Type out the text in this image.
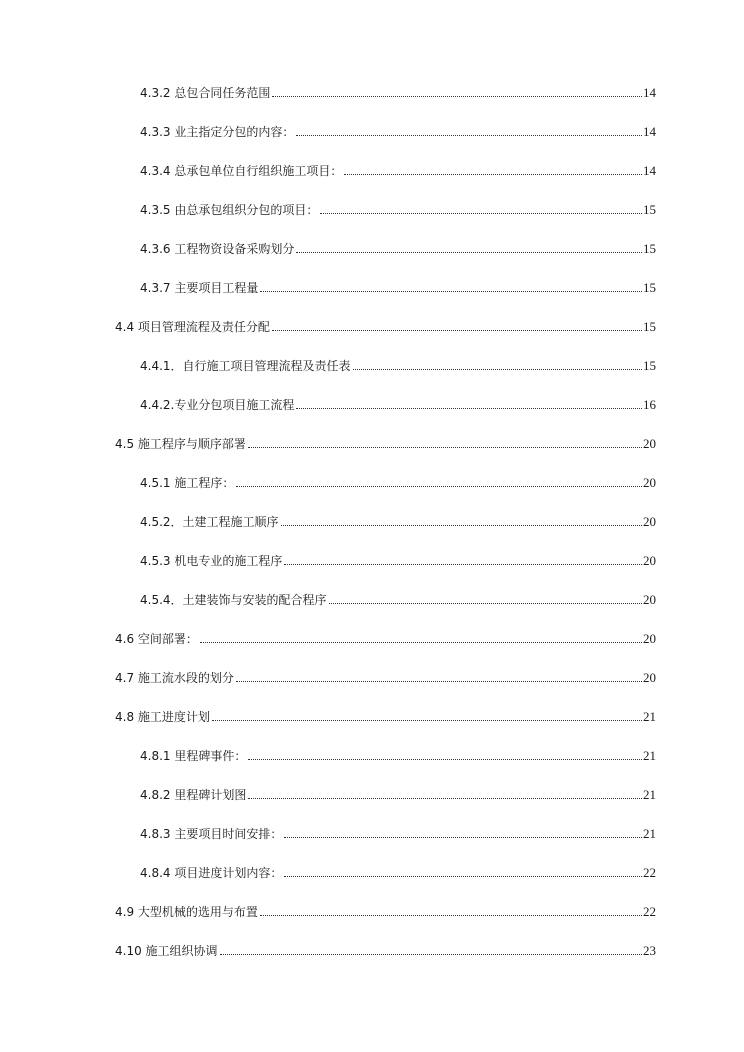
4.3.2 总包合同任务范围	14
4.3.3 业主指定分包的内容：	14
4.3.4 总承包单位自行组织施工项目：	14
4.3.5 由总承包组织分包的项目：	15
4.3.6 工程物资设备采购划分	15
4.3.7 主要项目工程量	15
4.4 项目管理流程及责任分配	15
4.4.1．自行施工项目管理流程及责任表	15
4.4.2.专业分包项目施工流程	16
4.5 施工程序与顺序部署	20
4.5.1 施工程序：	20
4.5.2．土建工程施工顺序	20
4.5.3 机电专业的施工程序	20
4.5.4．土建装饰与安装的配合程序	20
4.6 空间部署：	20
4.7 施工流水段的划分	20
4.8 施工进度计划	21
4.8.1 里程碑事件：	21
4.8.2 里程碑计划图	21
4.8.3 主要项目时间安排：	21
4.8.4 项目进度计划内容：	22
4.9 大型机械的选用与布置	22
4.10 施工组织协调	23
